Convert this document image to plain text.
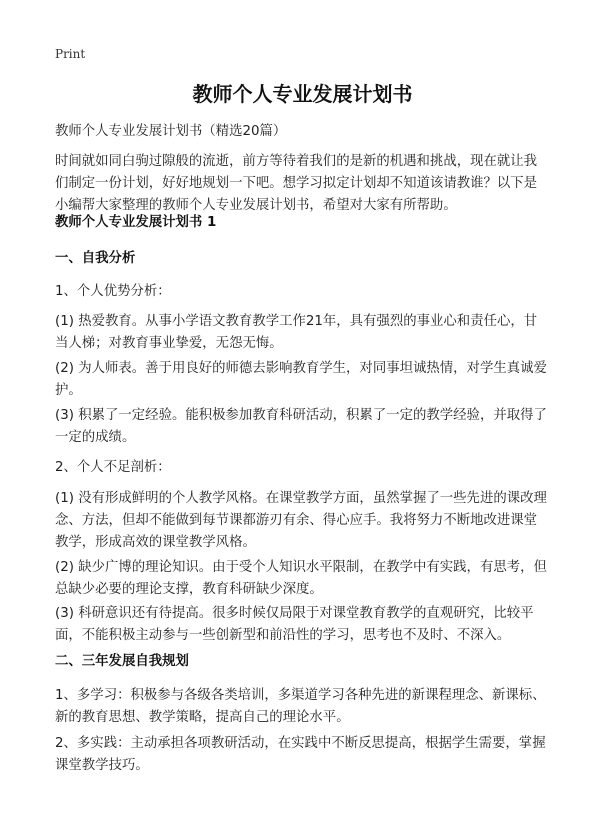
Print
教师个人专业发展计划书
教师个人专业发展计划书（精选20篇）
时间就如同白驹过隙般的流逝，前方等待着我们的是新的机遇和挑战，现在就让我们制定一份计划，好好地规划一下吧。想学习拟定计划却不知道该请教谁？以下是小编帮大家整理的教师个人专业发展计划书，希望对大家有所帮助。
教师个人专业发展计划书 1
一、自我分析
1、个人优势分析：
(1) 热爱教育。从事小学语文教育教学工作21年，具有强烈的事业心和责任心，甘当人梯；对教育事业挚爱，无怨无悔。
(2) 为人师表。善于用良好的师德去影响教育学生，对同事坦诚热情，对学生真诚爱护。
(3) 积累了一定经验。能积极参加教育科研活动，积累了一定的教学经验，并取得了一定的成绩。
2、个人不足剖析：
(1) 没有形成鲜明的个人教学风格。在课堂教学方面，虽然掌握了一些先进的课改理念、方法，但却不能做到每节课都游刃有余、得心应手。我将努力不断地改进课堂教学，形成高效的课堂教学风格。
(2) 缺少广博的理论知识。由于受个人知识水平限制，在教学中有实践，有思考，但总缺少必要的理论支撑，教育科研缺少深度。
(3) 科研意识还有待提高。很多时候仅局限于对课堂教育教学的直观研究，比较平面，不能积极主动参与一些创新型和前沿性的学习，思考也不及时、不深入。
二、三年发展自我规划
1、多学习：积极参与各级各类培训，多渠道学习各种先进的新课程理念、新课标、新的教育思想、教学策略，提高自己的理论水平。
2、多实践：主动承担各项教研活动，在实践中不断反思提高，根据学生需要，掌握课堂教学技巧。
